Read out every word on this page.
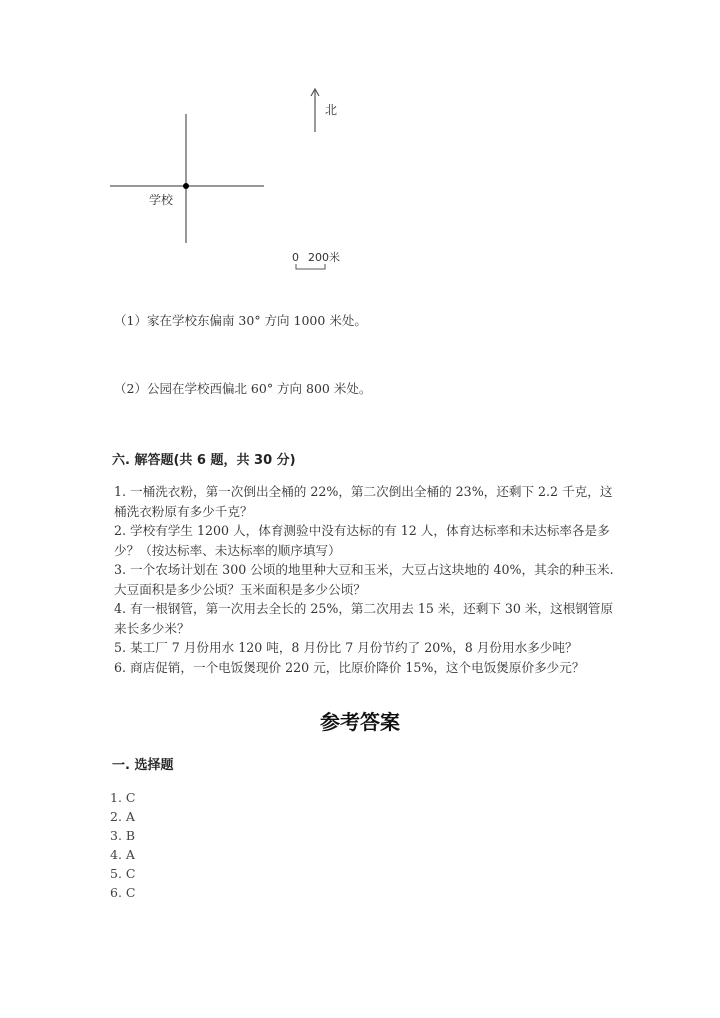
学校
北
0 200米
（1）家在学校东偏南 30° 方向 1000 米处。
（2）公园在学校西偏北 60° 方向 800 米处。
六. 解答题(共 6 题，共 30 分)

1. 一桶洗衣粉，第一次倒出全桶的 22%，第二次倒出全桶的 23%，还剩下 2.2 千克，这桶洗衣粉原有多少千克？

2. 学校有学生 1200 人，体育测验中没有达标的有 12 人，体育达标率和未达标率各是多少？（按达标率、未达标率的顺序填写）

3. 一个农场计划在 300 公顷的地里种大豆和玉米，大豆占这块地的 40%，其余的种玉米. 大豆面积是多少公顷？玉米面积是多少公顷？

4. 有一根钢管，第一次用去全长的 25%，第二次用去 15 米，还剩下 30 米，这根钢管原来长多少米？

5. 某工厂 7 月份用水 120 吨，8 月份比 7 月份节约了 20%，8 月份用水多少吨？

6. 商店促销，一个电饭煲现价 220 元，比原价降价 15%，这个电饭煲原价多少元？

参考答案
一. 选择题
1. C
2. A
3. B
4. A
5. C
6. C
